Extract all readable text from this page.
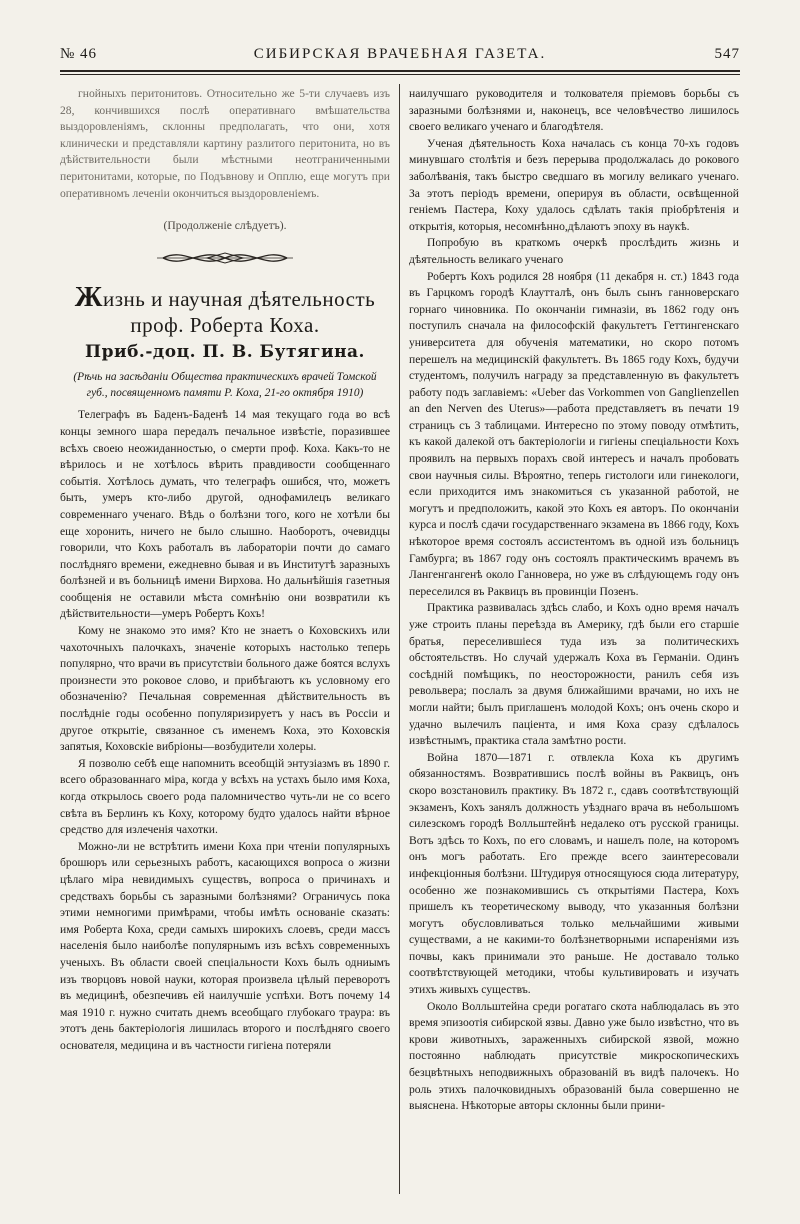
№ 46	СИБИРСКАЯ ВРАЧЕБНАЯ ГАЗЕТА.	547

гнойныхъ перитонитовъ. Относительно же 5-ти случаевъ изъ 28, кончившихся послѣ оперативнаго вмѣшательства выздоровленіямъ, склонны предполагать, что они, хотя клинически и представляли картину разлитого перитонита, но въ дѣйствительности были мѣстными неотграниченными перитонитами, которые, по Подъвнову и Опплю, еще могутъ при оперативномъ леченіи окончиться выздоровленіемъ.

(Продолженіе слѣдуетъ).

Жизнь и научная дѣятельность
проф. Роберта Коха.

Приб.-доц. П. В. Бутягина.

(Рѣчь на засѣданіи Общества практическихъ врачей Томской губ., посвященномъ памяти Р. Коха, 21-го октября 1910)

Телеграфъ въ Баденъ-Баденѣ 14 мая текущаго года во всѣ концы земного шара передалъ печальное извѣстіе, поразившее всѣхъ своею неожиданностью, о смерти проф. Коха. Какъ-то не вѣрилось и не хотѣлось вѣрить правдивости сообщеннаго событія. Хотѣлось думать, что телеграфъ ошибся, что, можетъ быть, умеръ кто-либо другой, однофамилецъ великаго современнаго ученаго. Вѣдь о болѣзни того, кого не хотѣли бы еще хоронить, ничего не было слышно. Наоборотъ, очевидцы говорили, что Кохъ работалъ въ лабораторіи почти до самаго послѣдняго времени, ежедневно бывая и въ Институтѣ заразныхъ болѣзней и въ больницѣ имени Вирхова. Но дальнѣйшія газетныя сообщенія не оставили мѣста сомнѣнію они возвратили къ дѣйствительности—умеръ Робертъ Кохъ!

Кому не знакомо это имя? Кто не знаетъ о Коховскихъ или чахоточныхъ палочкахъ, значеніе которыхъ настолько теперь популярно, что врачи въ присутствіи больного даже боятся вслухъ произнести это роковое слово, и прибѣгаютъ къ условному его обозначенію? Печальная современная дѣйствительность въ послѣдніе годы особенно популяризируетъ у насъ въ Россіи и другое открытіе, связанное съ именемъ Коха, это Коховскія запятыя, Коховскіе вибріоны—возбудители холеры.

Я позволю себѣ еще напомнить всеобщій энтузіазмъ въ 1890 г. всего образованнаго міра, когда у всѣхъ на устахъ было имя Коха, когда открылось своего рода паломничество чуть-ли не со всего свѣта въ Берлинъ къ Коху, которому будто удалось найти вѣрное средство для излеченія чахотки.

Можно-ли не встрѣтить имени Коха при чтеніи популярныхъ брошюръ или серьезныхъ работъ, касающихся вопроса о жизни цѣлаго міра невидимыхъ существъ, вопроса о причинахъ и средствахъ борьбы съ заразными болѣзнями? Ограничусь пока этими немногими примѣрами, чтобы имѣть основаніе сказать: имя Роберта Коха, среди самыхъ широкихъ слоевъ, среди массъ населенія было наиболѣе популярнымъ изъ всѣхъ современныхъ ученыхъ. Въ области своей спеціальности Кохъ былъ одниымъ изъ творцовъ новой науки, которая произвела цѣлый переворотъ въ медицинѣ, обезпечивъ ей наилучшіе успѣхи. Вотъ почему 14 мая 1910 г. нужно считать днемъ всеобщаго глубокаго траура: въ этотъ день бактеріологія лишилась второго и послѣдняго своего основателя, медицина и въ частности гигіена потеряли

наилучшаго руководителя и толкователя пріемовъ борьбы съ заразными болѣзнями и, наконецъ, все человѣчество лишилось своего великаго ученаго и благодѣтеля.

Ученая дѣятельность Коха началась съ конца 70-хъ годовъ минувшаго столѣтія и безъ перерыва продолжалась до рокового заболѣванія, такъ быстро сведшаго въ могилу великаго ученаго. За этотъ періодъ времени, оперируя въ области, освѣщенной геніемъ Пастера, Коху удалось сдѣлать такія пріобрѣтенія и открытія, которыя, несомнѣнно,дѣлаютъ эпоху въ наукѣ.

Попробую въ краткомъ очеркѣ прослѣдить жизнь и дѣятельность великаго ученаго

Робертъ Кохъ родился 28 ноября (11 декабря н. ст.) 1843 года въ Гарцкомъ городѣ Клаутталѣ, онъ былъ сынъ ганноверскаго горнаго чиновника. По окончаніи гимназіи, въ 1862 году онъ поступилъ сначала на философскій факультетъ Геттингенскаго университета для обученія математики, но скоро потомъ перешелъ на медицинскій факультетъ. Въ 1865 году Кохъ, будучи студентомъ, получилъ награду за представленную въ факультетъ работу подъ заглавіемъ: «Ueber das Vorkommen von Ganglienzellen an den Nerven des Uterus»—работа представляетъ въ печати 19 страницъ съ 3 таблицами. Интересно по этому поводу отмѣтить, къ какой далекой отъ бактеріологіи и гигіены спеціальности Кохъ проявилъ на первыхъ порахъ свой интересъ и началъ пробовать свои научныя силы. Вѣроятно, теперь гистологи или гинекологи, если приходится имъ знакомиться съ указанной работой, не могутъ и предположить, какой это Кохъ ея авторъ. По окончаніи курса и послѣ сдачи государственнаго экзамена въ 1866 году, Кохъ нѣкоторое время состоялъ ассистентомъ въ одной изъ больницъ Гамбурга; въ 1867 году онъ состоялъ практическимъ врачемъ въ Лангенгангенѣ около Ганновера, но уже въ слѣдующемъ году онъ переселился въ Раквицъ въ провинціи Позенъ.

Практика развивалась здѣсь слабо, и Кохъ одно время началъ уже строить планы переѣзда въ Америку, гдѣ были его старшіе братья, переселившіеся туда изъ за политическихъ обстоятельствъ. Но случай удержалъ Коха въ Германіи. Одинъ сосѣдній помѣщикъ, по неосторожности, ранилъ себя изъ револьвера; послалъ за двумя ближайшими врачами, но ихъ не могли найти; былъ приглашенъ молодой Кохъ; онъ очень скоро и удачно вылечилъ паціента, и имя Коха сразу сдѣлалось извѣстнымъ, практика стала замѣтно рости.

Война 1870—1871 г. отвлекла Коха къ другимъ обязанностямъ. Возвратившись послѣ войны въ Раквицъ, онъ скоро возстановилъ практику. Въ 1872 г., сдавъ соотвѣтствующій экзаменъ, Кохъ занялъ должность уѣзднаго врача въ небольшомъ силезскомъ городѣ Волльштейнѣ недалеко отъ русской границы. Вотъ здѣсь то Кохъ, по его словамъ, и нашелъ поле, на которомъ онъ могъ работать. Его прежде всего заинтересовали инфекціонныя болѣзни. Штудируя относящуюся сюда литературу, особенно же познакомившись съ открытіями Пастера, Кохъ пришелъ къ теоретическому выводу, что указанныя болѣзни могутъ обусловливаться только мельчайшими живыми существами, а не какими-то болѣзнетворными испареніями изъ почвы, какъ принимали это раньше. Не доставало только соотвѣтствующей методики, чтобы культивировать и изучать этихъ живыхъ существъ.

Около Волльштейна среди рогатаго скота наблюдалась въ это время эпизоотія сибирской язвы. Давно уже было извѣстно, что въ крови животныхъ, зараженныхъ сибирской язвой, можно постоянно наблюдать присутствіе микроскопическихъ безцвѣтныхъ неподвижныхъ образованій въ видѣ палочекъ. Но роль этихъ палочковидныхъ образованій была совершенно не выяснена. Нѣкоторые авторы склонны были прини-
